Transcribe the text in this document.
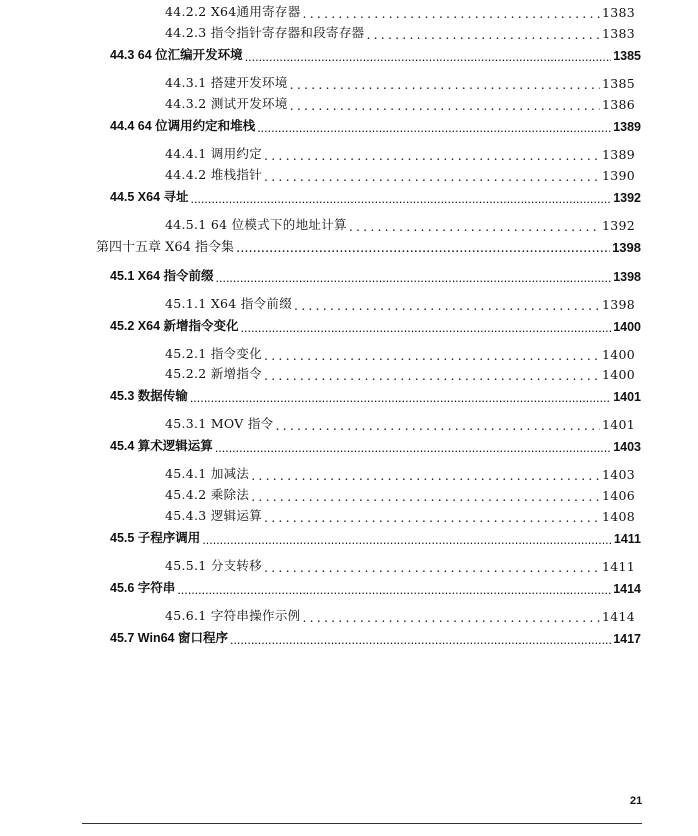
44.2.2 X64通用寄存器 .....	1383
44.2.3 指令指针寄存器和段寄存器 .....	1383
44.3 64 位汇编开发环境 .....	1385
44.3.1 搭建开发环境 .....	1385
44.3.2 测试开发环境 .....	1386
44.4 64 位调用约定和堆栈 .....	1389
44.4.1 调用约定 .....	1389
44.4.2 堆栈指针 .....	1390
44.5 X64 寻址 .....	1392
44.5.1 64 位模式下的地址计算 .....	1392
第四十五章 X64 指令集 .....	1398
45.1 X64 指令前缀 .....	1398
45.1.1 X64 指令前缀 .....	1398
45.2 X64 新增指令变化 .....	1400
45.2.1 指令变化 .....	1400
45.2.2 新增指令 .....	1400
45.3 数据传输 .....	1401
45.3.1 MOV 指令 .....	1401
45.4 算术逻辑运算 .....	1403
45.4.1 加减法 .....	1403
45.4.2 乘除法 .....	1406
45.4.3 逻辑运算 .....	1408
45.5 子程序调用 .....	1411
45.5.1 分支转移 .....	1411
45.6 字符串 .....	1414
45.6.1 字符串操作示例 .....	1414
45.7 Win64 窗口程序 .....	1417
21
